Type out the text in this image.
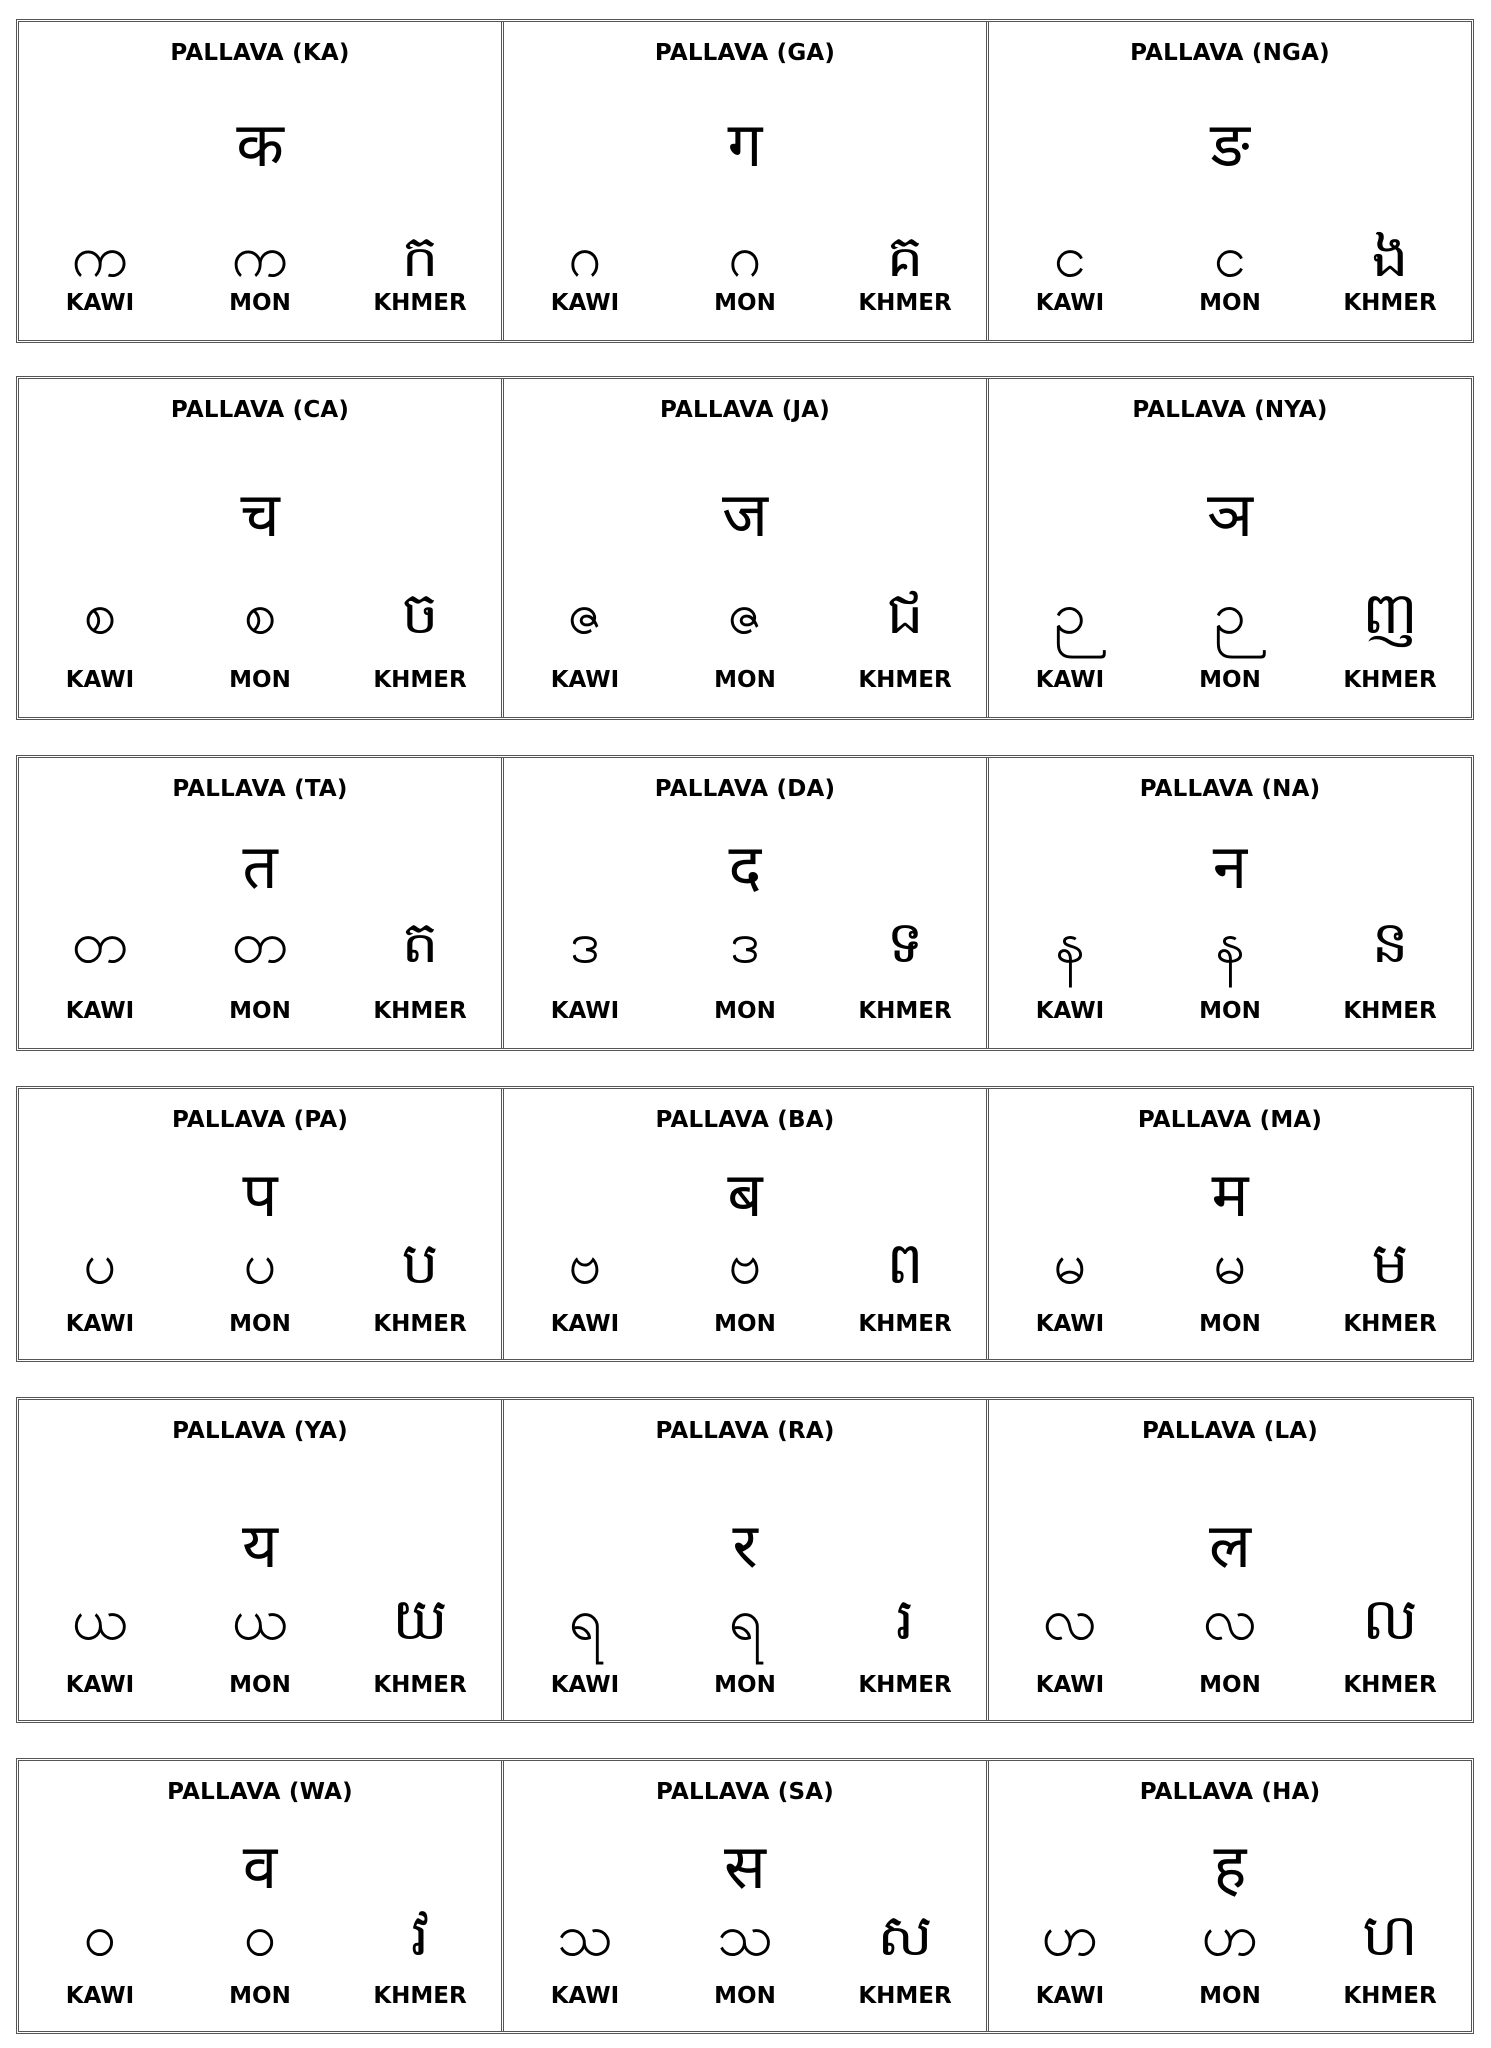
PALLAVA (KA)
क
က	က	ក
KAWI	MON	KHMER
PALLAVA (GA)
ग
ဂ	ဂ	គ
KAWI	MON	KHMER
PALLAVA (NGA)
ङ
င	င	ង
KAWI	MON	KHMER
PALLAVA (CA)
च
စ	စ	ច
KAWI	MON	KHMER
PALLAVA (JA)
ज
ဇ	ဇ	ជ
KAWI	MON	KHMER
PALLAVA (NYA)
ञ
ဉ	ဉ	ញ
KAWI	MON	KHMER
PALLAVA (TA)
त
တ	တ	ត
KAWI	MON	KHMER
PALLAVA (DA)
द
ဒ	ဒ	ទ
KAWI	MON	KHMER
PALLAVA (NA)
न
န	န	ន
KAWI	MON	KHMER
PALLAVA (PA)
प
ပ	ပ	ប
KAWI	MON	KHMER
PALLAVA (BA)
ब
ဗ	ဗ	ព
KAWI	MON	KHMER
PALLAVA (MA)
म
မ	မ	ម
KAWI	MON	KHMER
PALLAVA (YA)
य
ယ	ယ	យ
KAWI	MON	KHMER
PALLAVA (RA)
र
ရ	ရ	រ
KAWI	MON	KHMER
PALLAVA (LA)
ल
လ	လ	ល
KAWI	MON	KHMER
PALLAVA (WA)
व
ဝ	ဝ	វ
KAWI	MON	KHMER
PALLAVA (SA)
स
သ	သ	ស
KAWI	MON	KHMER
PALLAVA (HA)
ह
ဟ	ဟ	ហ
KAWI	MON	KHMER
